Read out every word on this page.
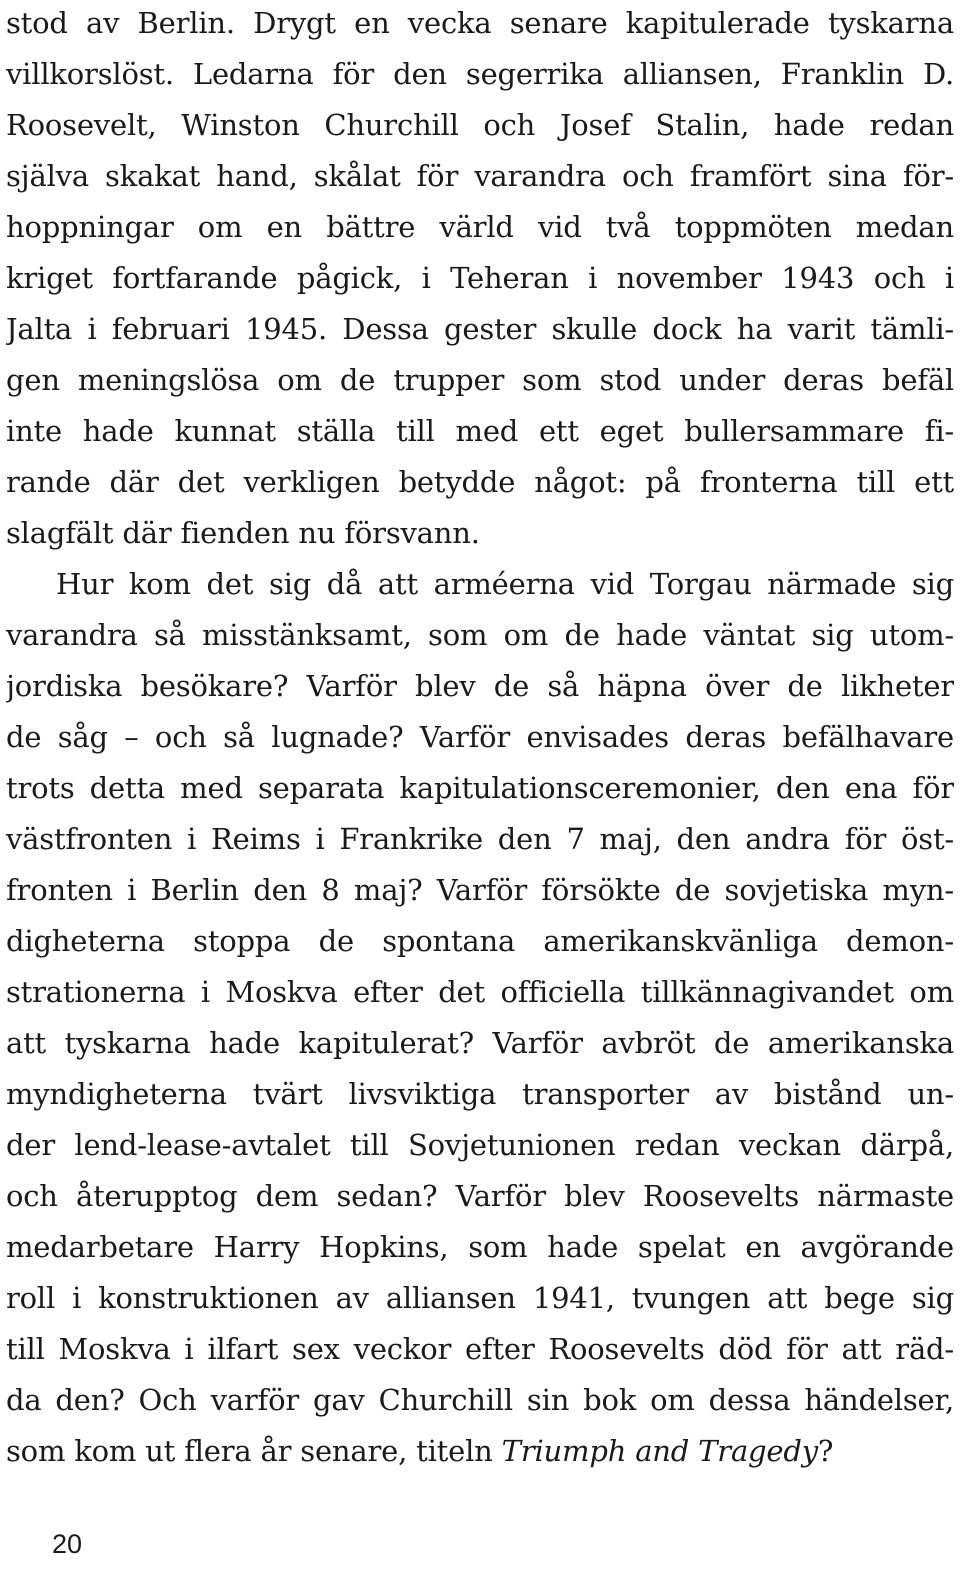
stod av Berlin. Drygt en vecka senare kapitulerade tyskarna
villkorslöst. Ledarna för den segerrika alliansen, Franklin D.
Roosevelt, Winston Churchill och Josef Stalin, hade redan
själva skakat hand, skålat för varandra och framfört sina för-
hoppningar om en bättre värld vid två toppmöten medan
kriget fortfarande pågick, i Teheran i november 1943 och i
Jalta i februari 1945. Dessa gester skulle dock ha varit tämli-
gen meningslösa om de trupper som stod under deras befäl
inte hade kunnat ställa till med ett eget bullersammare fi-
rande där det verkligen betydde något: på fronterna till ett
slagfält där fienden nu försvann.
Hur kom det sig då att arméerna vid Torgau närmade sig
varandra så misstänksamt, som om de hade väntat sig utom-
jordiska besökare? Varför blev de så häpna över de likheter
de såg – och så lugnade? Varför envisades deras befälhavare
trots detta med separata kapitulationsceremonier, den ena för
västfronten i Reims i Frankrike den 7 maj, den andra för öst-
fronten i Berlin den 8 maj? Varför försökte de sovjetiska myn-
digheterna stoppa de spontana amerikanskvänliga demon-
strationerna i Moskva efter det officiella tillkännagivandet om
att tyskarna hade kapitulerat? Varför avbröt de amerikanska
myndigheterna tvärt livsviktiga transporter av bistånd un-
der lend-lease-avtalet till Sovjetunionen redan veckan därpå,
och återupptog dem sedan? Varför blev Roosevelts närmaste
medarbetare Harry Hopkins, som hade spelat en avgörande
roll i konstruktionen av alliansen 1941, tvungen att bege sig
till Moskva i ilfart sex veckor efter Roosevelts död för att räd-
da den? Och varför gav Churchill sin bok om dessa händelser,
som kom ut flera år senare, titeln Triumph and Tragedy?
20
